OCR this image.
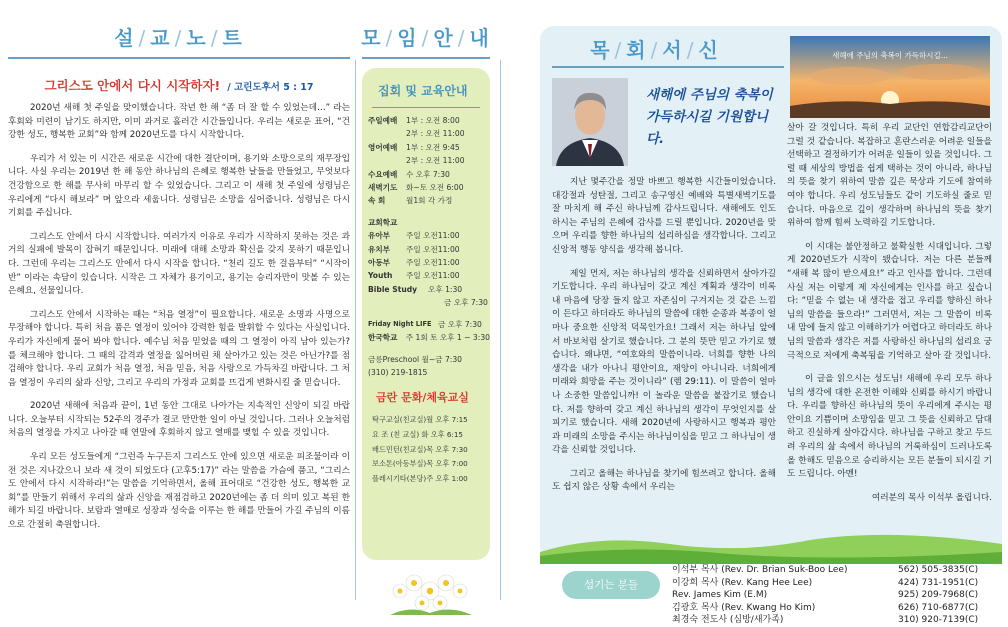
설 / 교 / 노 / 트
그리스도 안에서 다시 시작하자! / 고린도후서 5 : 17

2020년 새해 첫 주일을 맞이했습니다. 작년 한 해 “좀 더 잘 할 수 있었는데…” 라는 후회와 미련이 남기도 하지만, 이미 과거로 흘러간 시간들입니다. 우리는 새로운 표어, “건강한 성도, 행복한 교회”와 함께 2020년도를 다시 시작합니다.

우리가 서 있는 이 시간은 새로운 시간에 대한 결단이며, 용기와 소망으로의 재무장입니다. 사실 우리는 2019년 한 해 동안 하나님의 은혜로 행복한 날들을 만들었고, 무엇보다 건강함으로 한 해를 무사히 마무리 할 수 있었습니다. 그리고 이 새해 첫 주일에 성령님은 우리에게 “다시 해보라” 며 앞으라 세웁니다. 성령님은 소망을 심어줍니다. 성령님은 다시 기회를 주십니다.

그리스도 안에서 다시 시작합니다. 여러가지 이유로 우리가 시작하지 못하는 것은 과거의 실패에 발목이 잡혀기 때문입니다. 미래에 대해 소망과 확신을 갖지 못하기 때문입니다. 그런데 우리는 그리스도 안에서 다시 시작을 합니다. “천리 길도 한 걸음부터” “시작이 반” 이라는 속담이 있습니다. 시작은 그 자체가 용기이고, 용기는 승리자만이 맛볼 수 있는 은혜요, 선물입니다.

그리스도 안에서 시작하는 때는 “처음 열정”이 필요합니다. 새로운 소명과 사명으로 무장해야 합니다. 특히 처음 품은 열정이 있어야 강력한 힘을 발휘할 수 있다는 사실입니다. 우리가 자신에게 물어 봐야 합니다. 예수님 처음 믿었을 때의 그 열정이 아직 남아 있는가?를 체크해야 합니다. 그 때의 감격과 열정을 잃어버린 채 살아가고 있는 것은 아닌가?를 점검해야 합니다. 우리 교회가 처음 열정, 처음 믿음, 처음 사랑으로 가득차길 바랍니다. 그 처음 열정이 우리의 삶과 신앙, 그리고 우리의 가정과 교회를 뜨겁게 변화시킬 줄 믿습니다.

2020년 새해에 처음과 끝이, 1년 동안 그대로 나아가는 지속적인 신앙이 되길 바랍니다. 오늘부터 시작되는 52주의 경주가 결코 만만한 일이 아닐 것입니다. 그러나 오늘처럼 처음의 열정을 가지고 나아갈 때 연말에 후회하지 않고 열매를 맺힐 수 있을 것입니다.

우리 모든 성도들에게 “그런즉 누구든지 그리스도 안에 있으면 새로운 피조물이라 이전 것은 지나갔으니 보라 새 것이 되었도다 (고후5:17)” 라는 말씀을 가슴에 품고, “그리스도 안에서 다시 시작하라!”는 말씀을 기억하면서, 올해 표어대로 “건강한 성도, 행복한 교회”를 만들기 위해서 우리의 삶과 신앙을 재점검하고 2020년에는 좀 더 의미 있고 복된 한 해가 되길 바랍니다. 보람과 열매로 성장과 성숙을 이루는 한 해를 만들어 가길 주님의 이름으로 간절히 축원합니다.

모 / 임 / 안 / 내
집회 및 교육안내
주일예배	1부 : 오전 8:00
2부 : 오전 11:00
영어예배	1부 : 오전 9:45
2부 : 오전 11:00
수요예배	수 오후 7:30
새벽기도	화~토 오전 6:00
속 회	월1회 각 가정
교회학교
유아부	주일 오전11:00
유치부	주일 오전11:00
아동부	주일 오전11:00
Youth	주일 오전11:00
Bible Study	오후 1:30
금 오후 7:30
Friday Night LIFE 금 오후 7:30
한국학교	주 1회 토 오후 1 ~ 3:30
금릉Preschool 월~금 7:30
(310) 219-1815
금란 문화/체육교실
탁구교실(친교실)월 오후 7:15
요 조 (친 교실) 화 오후 6:15
배드민턴(친교실)목 오후 7:30
보소톤(아동부실)목 오후 7:00
플레시기타(본당)주 오후 1:00
목 / 회 / 서 / 신
새해에 주님의 축복이 가득하시길 기원합니다.
새해에 주님의 축복이 가득하시길...

지난 몇주간을 정말 바쁘고 행복한 시간들이었습니다. 대강절과 성탄절, 그리고 송구영신 예배와 특별새벽기도를 잘 마치게 해 주신 하나님께 감사드립니다. 새해에도 인도 하시는 주님의 은혜에 감사를 드릴 뿐입니다. 2020년을 맞으며 우리를 향한 하나님의 섭리하심을 생각합니다. 그리고 신앙적 행동 양식을 생각해 봅니다.

제일 먼저, 저는 하나님의 생각을 신뢰하면서 살아가길 기도합니다. 우리 하나님이 갖고 계신 계획과 생각이 비록 내 마음에 당장 들지 않고 자존심이 구겨지는 것 같은 느낌이 든다고 하더라도 하나님의 말씀에 대한 순종과 복종이 얼마나 중요한 신앙적 덕목인가요! 그래서 저는 하나님 앞에서 바보처럼 살기로 했습니다. 그 분의 뜻만 믿고 가기로 했습니다. 왜냐면, “여호와의 말씀이니라. 너희를 향한 나의 생각을 내가 아나니 평안이요, 재앙이 아니니라. 너희에게 미래와 희망을 주는 것이니라” (렘 29:11). 이 말씀이 얼마나 소중한 말씀입니까! 이 놀라운 말씀을 붙잡기로 했습니다. 저를 향하여 갖고 계신 하나님의 생각이 무엇인지를 살피기로 했습니다. 새해 2020년에 사랑하시고 행복과 평안과 미래의 소망을 주시는 하나님이심을 믿고 그 하나님이 생각을 신뢰할 것입니다.

그리고 올해는 하나님을 찾기에 힘쓰려고 합니다. 올해도 쉽지 않은 상황 속에서 우리는

살아 갈 것입니다. 특히 우리 교단인 연합감리교단이 그럴 것 같습니다. 복잡하고 혼란스러운 어려운 일들을 선택하고 결정하기가 어려운 일들이 있을 것입니다. 그럴 때 세상의 방법을 쉽게 택하는 것이 아니라, 하나님의 뜻을 찾기 위하여 말씀 깊은 묵상과 기도에 참여하여야 합니다. 우리 성도님들도 같이 기도하실 줄로 믿습니다. 마음으로 깊이 생각하며 하나님의 뜻을 찾기 위하여 함께 힘써 노력하길 기도합니다.

이 시대는 불안정하고 불확실한 시대입니다. 그렇게 2020년도가 시작이 됐습니다. 저는 다른 분들께 “새해 복 많이 받으세요!” 라고 인사를 합니다. 그런데 사실 저는 이렇게 제 자신에게는 인사를 하고 싶습니다: “믿을 수 없는 내 생각을 접고 우리를 향하신 하나님의 말씀을 들으라!” 그러면서, 저는 그 말씀이 비록 내 맘에 들지 않고 이해하기가 어렵다고 하더라도 하나님의 말씀과 생각은 저를 사랑하신 하나님의 섭리요 궁극적으로 저에게 축복됨을 기억하고 살아 갈 것입니다.

이 글을 읽으시는 성도님! 새해에 우리 모두 하나님의 생각에 대한 온전한 이해와 신뢰를 하시기 바랍니다. 우리를 향하신 하나님의 뜻이 우리에게 주시는 평안이요 기쁨이며 소망임을 믿고 그 뜻을 신뢰하고 담대하고 진실하게 살아갑시다. 하나님을 구하고 찾고 두드려 우리의 삶 속에서 하나님의 거룩하심이 드러나도록 올 한해도 믿음으로 승리하시는 모든 분들이 되시길 기도 드립니다. 아멘!

여러분의 목사 이석부 올립니다.

섬기는 분들
이석부 목사 (Rev. Dr. Brian Suk-Boo Lee)	562) 505-3835(C)
이강희 목사 (Rev. Kang Hee Lee)	424) 731-1951(C)
Rev. James Kim (E.M)	925) 209-7968(C)
김광호 목사 (Rev. Kwang Ho Kim)	626) 710-6877(C)
최경숙 전도사 (심방/새가족)	310) 920-7139(C)
